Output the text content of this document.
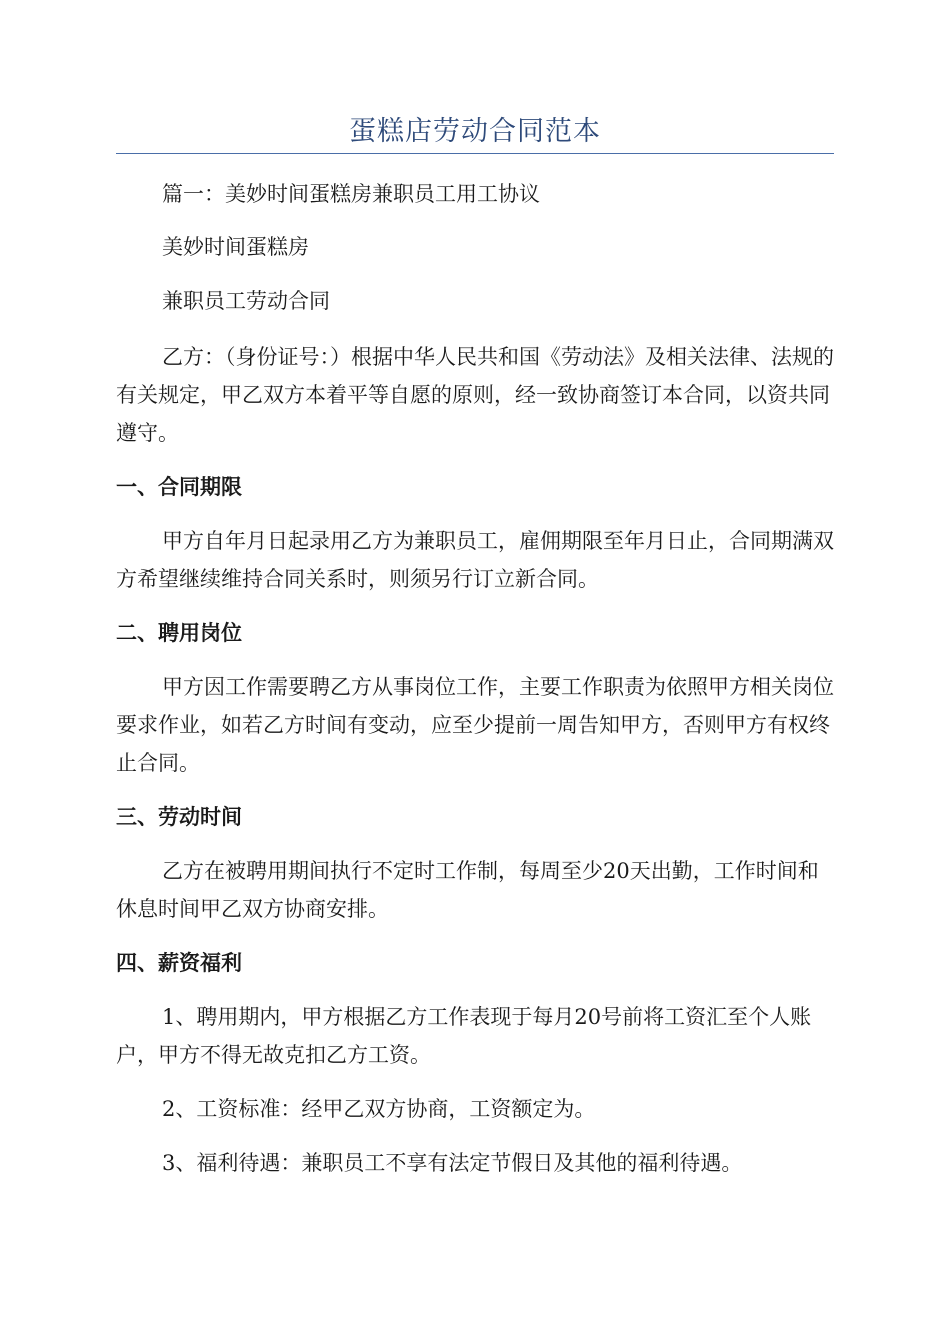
蛋糕店劳动合同范本

篇一：美妙时间蛋糕房兼职员工用工协议

美妙时间蛋糕房

兼职员工劳动合同

乙方：（身份证号：）根据中华人民共和国《劳动法》及相关法律、法规的有关规定，甲乙双方本着平等自愿的原则，经一致协商签订本合同，以资共同遵守。

一、合同期限

甲方自年月日起录用乙方为兼职员工，雇佣期限至年月日止，合同期满双方希望继续维持合同关系时，则须另行订立新合同。

二、聘用岗位

甲方因工作需要聘乙方从事岗位工作，主要工作职责为依照甲方相关岗位要求作业，如若乙方时间有变动，应至少提前一周告知甲方，否则甲方有权终止合同。

三、劳动时间

乙方在被聘用期间执行不定时工作制，每周至少20天出勤，工作时间和休息时间甲乙双方协商安排。

四、薪资福利

1、聘用期内，甲方根据乙方工作表现于每月20号前将工资汇至个人账户，甲方不得无故克扣乙方工资。

2、工资标准：经甲乙双方协商，工资额定为。

3、福利待遇：兼职员工不享有法定节假日及其他的福利待遇。
